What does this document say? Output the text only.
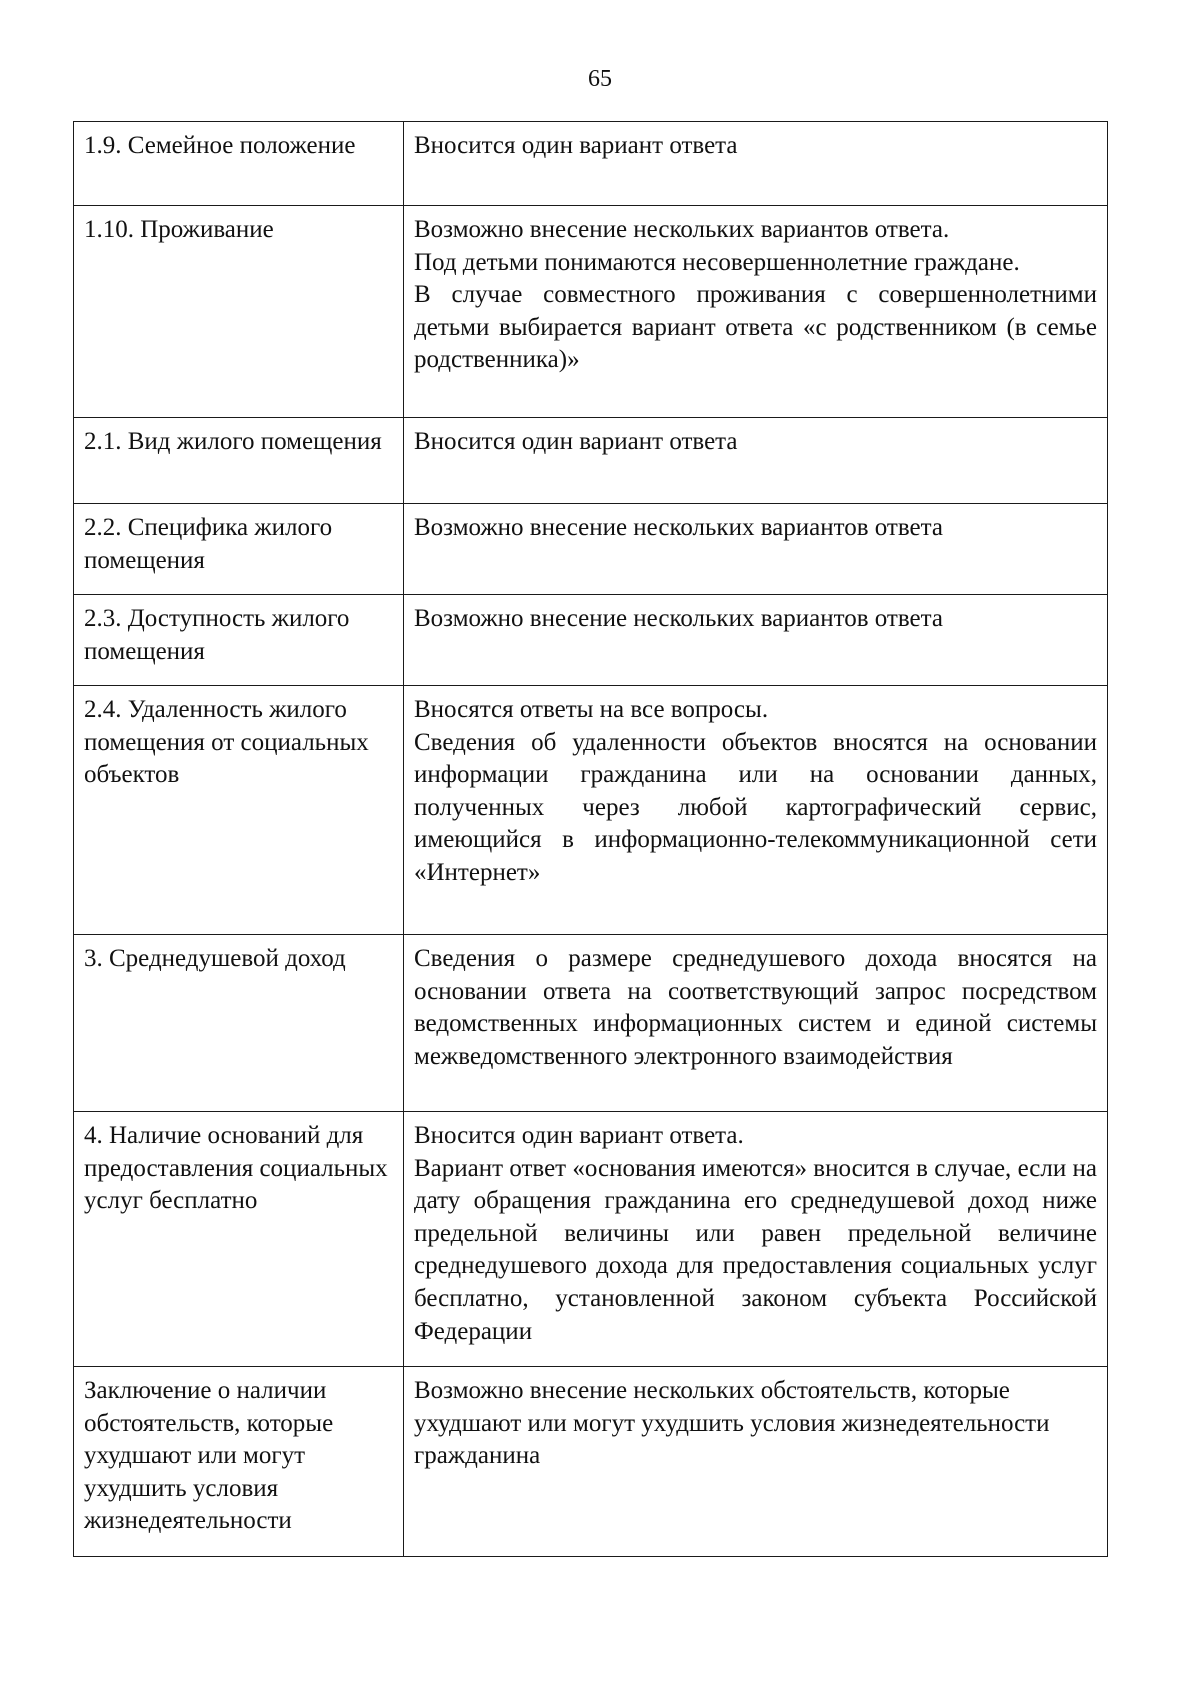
65
1.9. Семейное положение	Вносится один вариант ответа

1.10. Проживание	Возможно внесение нескольких вариантов ответа.
Под детьми понимаются несовершеннолетние граждане.
В случае совместного проживания с совершеннолетними детьми выбирается вариант ответа «с родственником (в семье родственника)»

2.1. Вид жилого помещения	Вносится один вариант ответа

2.2. Специфика жилого помещения	Возможно внесение нескольких вариантов ответа

2.3. Доступность жилого помещения	Возможно внесение нескольких вариантов ответа

2.4. Удаленность жилого помещения от социальных объектов	Вносятся ответы на все вопросы.
Сведения об удаленности объектов вносятся на основании информации гражданина или на основании данных, полученных через любой картографический сервис, имеющийся в информационно-телекоммуникационной сети «Интернет»

3. Среднедушевой доход	Сведения о размере среднедушевого дохода вносятся на основании ответа на соответствующий запрос посредством ведомственных информационных систем и единой системы межведомственного электронного взаимодействия

4. Наличие оснований для предоставления социальных услуг бесплатно	Вносится один вариант ответа.
Вариант ответ «основания имеются» вносится в случае, если на дату обращения гражданина его среднедушевой доход ниже предельной величины или равен предельной величине среднедушевого дохода для предоставления социальных услуг бесплатно, установленной законом субъекта Российской Федерации

Заключение о наличии обстоятельств, которые ухудшают или могут ухудшить условия жизнедеятельности	Возможно внесение нескольких обстоятельств, которые ухудшают или могут ухудшить условия жизнедеятельности гражданина
